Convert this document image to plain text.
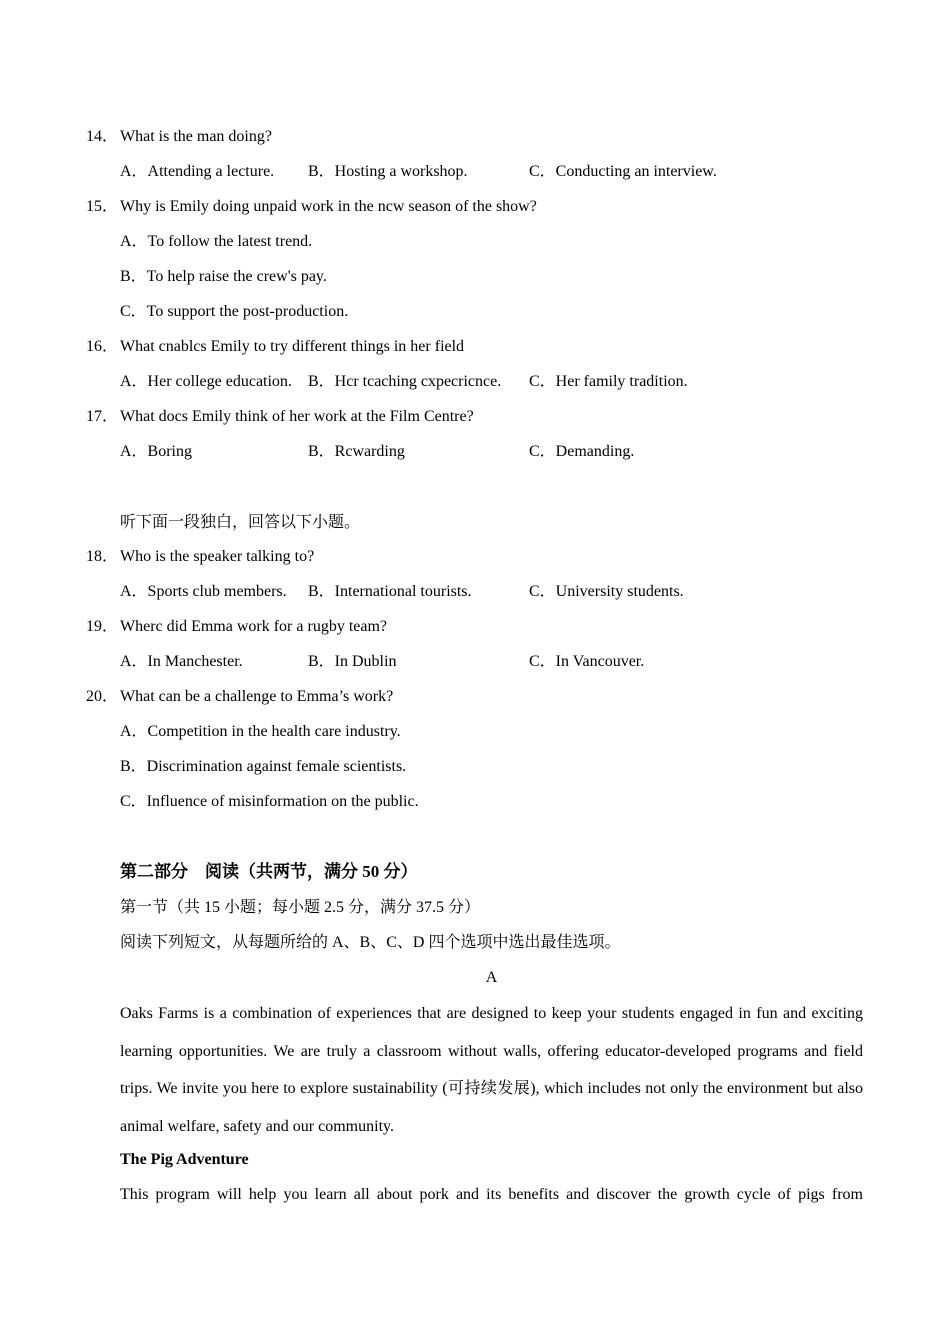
14． What is the man doing?
A．Attending a lecture. B．Hosting a workshop.	C．Conducting an interview.
15． Why is Emily doing unpaid work in the ncw season of the show?
A．To follow the latest trend.
B．To help raise the crew's pay.
C．To support the post-production.
16． What cnablcs Emily to try different things in her field
A．Her college education. B．Hcr tcaching cxpecricnce. C．Her family tradition.
17． What docs Emily think of her work at the Film Centre?
A．Boring	B．Rcwarding	C．Demanding.
听下面一段独白，回答以下小题。
18． Who is the speaker talking to?
A．Sports club members. B．International tourists.	C．University students.
19． Wherc did Emma work for a rugby team?
A．In Manchester.	B．In Dublin	C．In Vancouver.
20． What can be a challenge to Emma’s work?
A．Competition in the health care industry.
B．Discrimination against female scientists.
C．Influence of misinformation on the public.
第二部分　阅读（共两节，满分 50 分）
第一节（共 15 小题；每小题 2.5 分，满分 37.5 分）
阅读下列短文，从每题所给的 A、B、C、D 四个选项中选出最佳选项。
A
Oaks Farms is a combination of experiences that are designed to keep your students engaged in fun and exciting learning opportunities. We are truly a classroom without walls, offering educator-developed programs and field trips. We invite you here to explore sustainability (可持续发展), which includes not only the environment but also animal welfare, safety and our community.
The Pig Adventure
This program will help you learn all about pork and its benefits and discover the growth cycle of pigs from
